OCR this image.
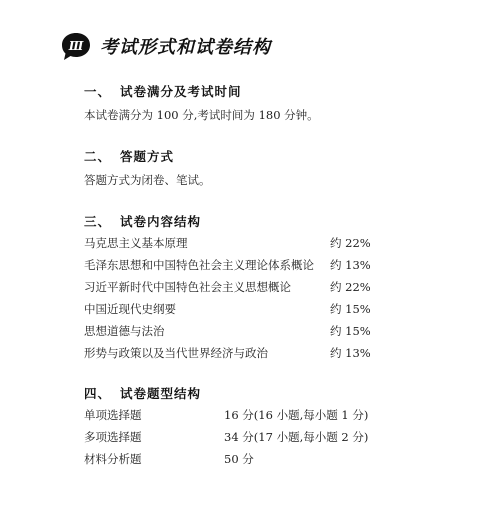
Ⅲ 考试形式和试卷结构
一、 试卷满分及考试时间
本试卷满分为 100 分,考试时间为 180 分钟。
二、 答题方式
答题方式为闭卷、笔试。
三、 试卷内容结构
马克思主义基本原理	约 22%
毛泽东思想和中国特色社会主义理论体系概论 约 13%
习近平新时代中国特色社会主义思想概论	约 22%
中国近现代史纲要	约 15%
思想道德与法治	约 15%
形势与政策以及当代世界经济与政治	约 13%
四、 试卷题型结构
单项选择题	16 分(16 小题,每小题 1 分)
多项选择题	34 分(17 小题,每小题 2 分)
材料分析题	50 分
